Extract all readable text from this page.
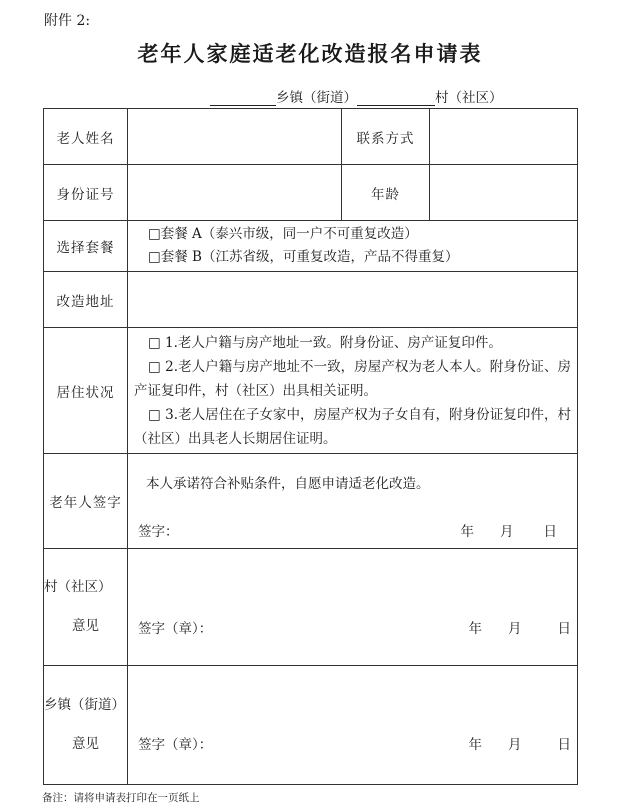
附件 2:
老年人家庭适老化改造报名申请表
乡镇（街道）	村（社区）
老人姓名		联系方式	
身份证号		年龄	
选择套餐	□套餐 A（泰兴市级，同一户不可重复改造）
□套餐 B（江苏省级，可重复改造，产品不得重复）		

改造地址			
居住状况	□ 1.老人户籍与房产地址一致。附身份证、房产证复印件。

□ 2.老人户籍与房产地址不一致，房屋产权为老人本人。附身份证、房产证复印件，村（社区）出具相关证明。

□ 3.老人居住在子女家中，房屋产权为子女自有，附身份证复印件，村（社区）出具老人长期居住证明。		

老年人签字	本人承诺符合补贴条件，自愿申请适老化改造。
签字： 年 月 日		

村（社区）
意见	签字（章）： 年 月 日		

乡镇（街道）
意见	签字（章）： 年 月 日		
备注：请将申请表打印在一页纸上
